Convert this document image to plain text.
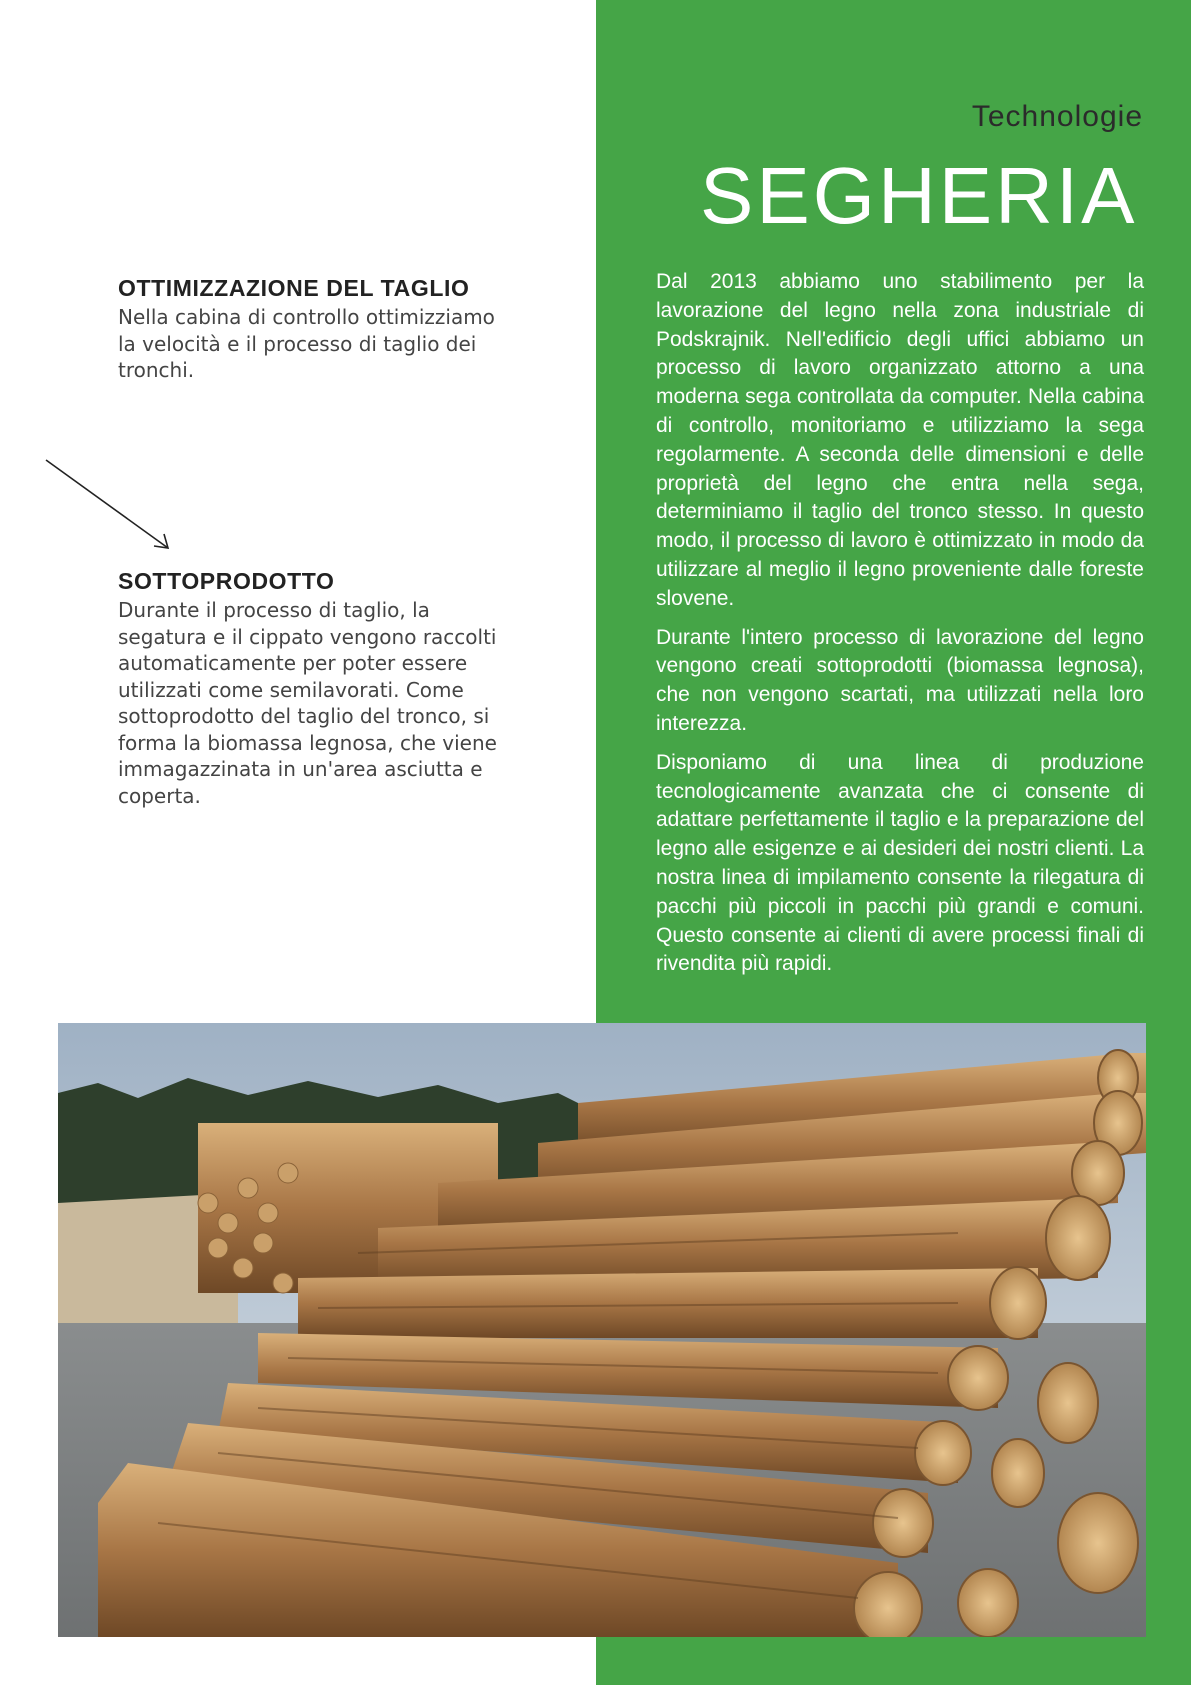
Technologie
SEGHERIA

Dal 2013 abbiamo uno stabilimento per la lavorazione del legno nella zona industriale di Podskrajnik. Nell'edificio degli uffici abbiamo un processo di lavoro organizzato attorno a una moderna sega controllata da computer. Nella cabina di controllo, monitoriamo e utilizziamo la sega regolarmente. A seconda delle dimensioni e delle proprietà del legno che entra nella sega, determiniamo il taglio del tronco stesso. In questo modo, il processo di lavoro è ottimizzato in modo da utilizzare al meglio il legno proveniente dalle foreste slovene.

Durante l'intero processo di lavorazione del legno vengono creati sottoprodotti (biomassa legnosa), che non vengono scartati, ma utilizzati nella loro interezza.

Disponiamo di una linea di produzione tecnologicamente avanzata che ci consente di adattare perfettamente il taglio e la preparazione del legno alle esigenze e ai desideri dei nostri clienti. La nostra linea di impilamento consente la rilegatura di pacchi più piccoli in pacchi più grandi e comuni. Questo consente ai clienti di avere processi finali di rivendita più rapidi.

OTTIMIZZAZIONE DEL TAGLIO

Nella cabina di controllo ottimizziamo la velocità e il processo di taglio dei tronchi.

SOTTOPRODOTTO

Durante il processo di taglio, la segatura e il cippato vengono raccolti automaticamente per poter essere utilizzati come semilavorati. Come sottoprodotto del taglio del tronco, si forma la biomassa legnosa, che viene immagazzinata in un'area asciutta e coperta.
